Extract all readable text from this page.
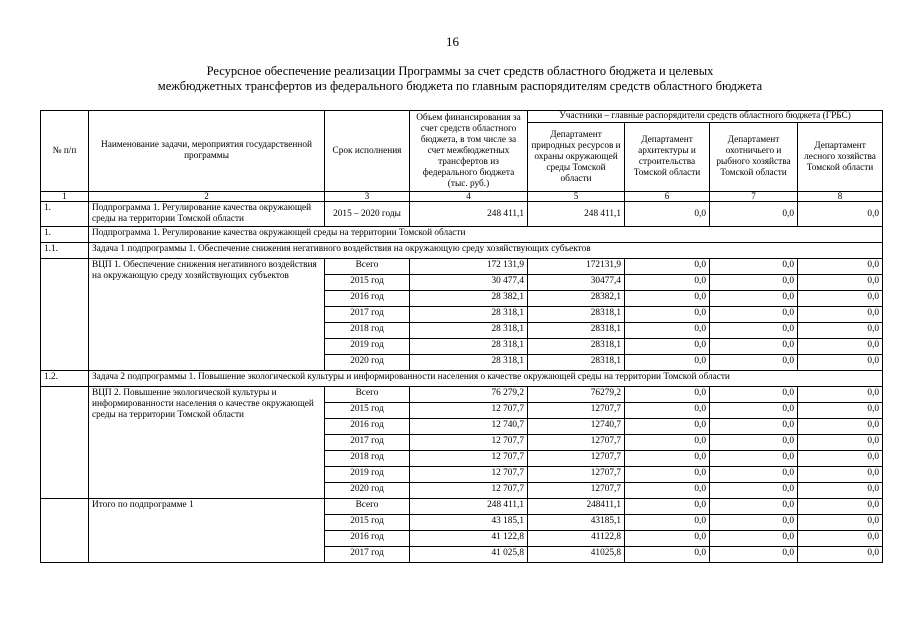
16
Ресурсное обеспечение реализации Программы за счет средств областного бюджета и целевых
межбюджетных трансфертов из федерального бюджета по главным распорядителям средств областного бюджета
№ п/п	Наименование задачи, мероприятия государственной программы	Срок исполнения	Объем финансирования за счет средств областного бюджета, в том числе за счет межбюджетных трансфертов из федерального бюджета (тыс. руб.)	Участники – главные распорядители средств областного бюджета (ГРБС)			
				Департамент природных ресурсов и охраны окружающей среды Томской области	Департамент архитектуры и строительства Томской области	Департамент охотничьего и рыбного хозяйства Томской области	Департамент лесного хозяйства Томской области
1	2	3	4	5	6	7	8
1.	Подпрограмма 1. Регулирование качества окружающей среды на территории Томской области	2015 – 2020 годы	248 411,1	248 411,1	0,0	0,0	0,0
1.	Подпрограмма 1. Регулирование качества окружающей среды на территории Томской области						
1.1.	Задача 1 подпрограммы 1. Обеспечение снижения негативного воздействия на окружающую среду хозяйствующих субъектов						
	ВЦП 1. Обеспечение снижения негативного воздействия на окружающую среду хозяйствующих субъектов	Всего	172 131,9	172131,9	0,0	0,0	0,0
		2015 год	30 477,4	30477,4	0,0	0,0	0,0
		2016 год	28 382,1	28382,1	0,0	0,0	0,0
		2017 год	28 318,1	28318,1	0,0	0,0	0,0
		2018 год	28 318,1	28318,1	0,0	0,0	0,0
		2019 год	28 318,1	28318,1	0,0	0,0	0,0
		2020 год	28 318,1	28318,1	0,0	0,0	0,0
1.2.	Задача 2 подпрограммы 1. Повышение экологической культуры и информированности населения о качестве окружающей среды на территории Томской области						
	ВЦП 2. Повышение экологической культуры и информированности населения о качестве окружающей среды на территории Томской области	Всего	76 279,2	76279,2	0,0	0,0	0,0
		2015 год	12 707,7	12707,7	0,0	0,0	0,0
		2016 год	12 740,7	12740,7	0,0	0,0	0,0
		2017 год	12 707,7	12707,7	0,0	0,0	0,0
		2018 год	12 707,7	12707,7	0,0	0,0	0,0
		2019 год	12 707,7	12707,7	0,0	0,0	0,0
		2020 год	12 707,7	12707,7	0,0	0,0	0,0
	Итого по подпрограмме 1	Всего	248 411,1	248411,1	0,0	0,0	0,0
		2015 год	43 185,1	43185,1	0,0	0,0	0,0
		2016 год	41 122,8	41122,8	0,0	0,0	0,0
		2017 год	41 025,8	41025,8	0,0	0,0	0,0
